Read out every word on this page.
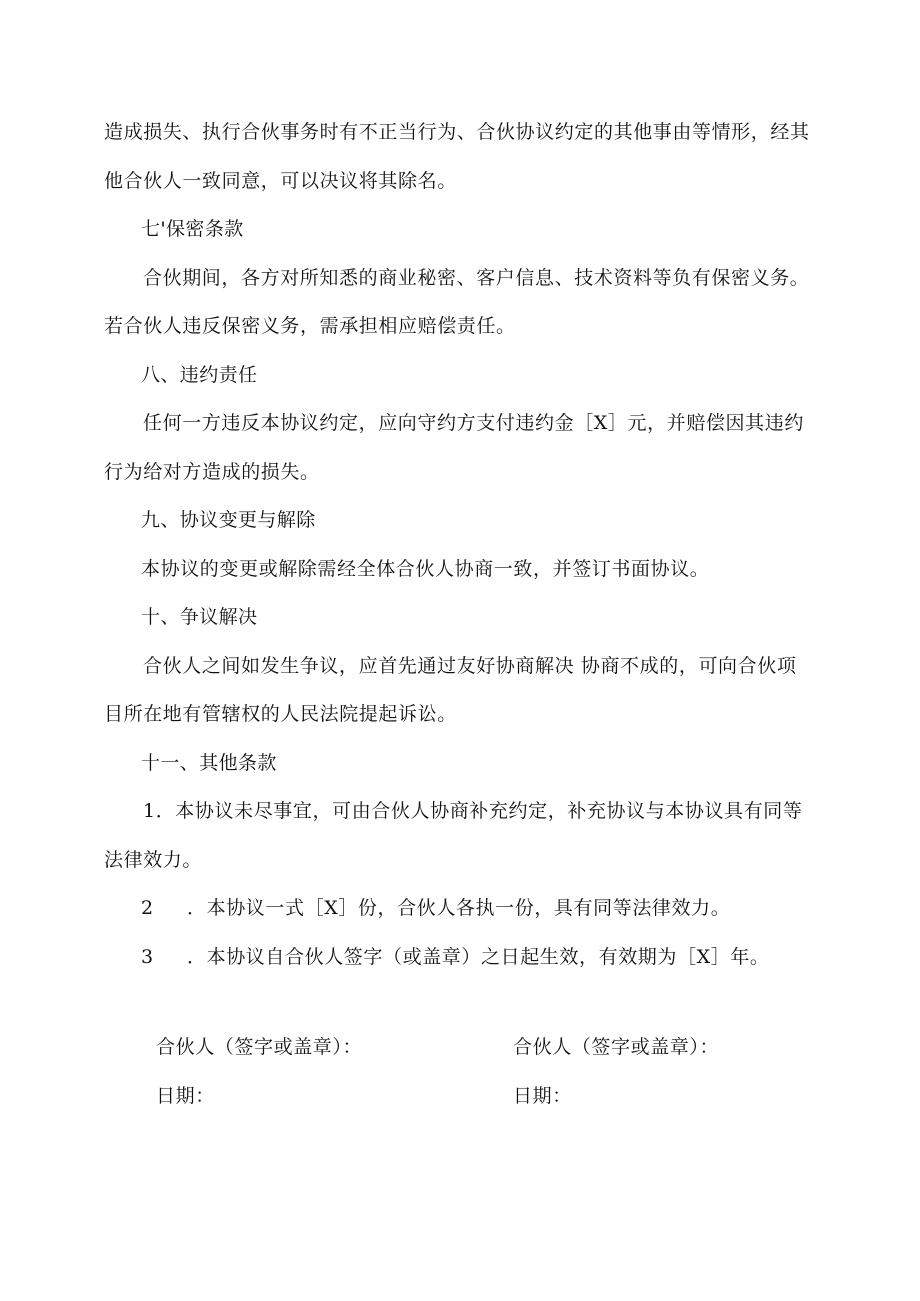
造成损失、执行合伙事务时有不正当行为、合伙协议约定的其他事由等情形，经其
他合伙人一致同意，可以决议将其除名。
七'保密条款
合伙期间，各方对所知悉的商业秘密、客户信息、技术资料等负有保密义务。
若合伙人违反保密义务，需承担相应赔偿责任。
八、违约责任
任何一方违反本协议约定，应向守约方支付违约金［X］元，并赔偿因其违约
行为给对方造成的损失。
九、协议变更与解除
本协议的变更或解除需经全体合伙人协商一致，并签订书面协议。
十、争议解决
合伙人之间如发生争议，应首先通过友好协商解决 协商不成的，可向合伙项
目所在地有管辖权的人民法院提起诉讼。
十一、其他条款
1．本协议未尽事宜，可由合伙人协商补充约定，补充协议与本协议具有同等
法律效力。
2 ．本协议一式［X］份，合伙人各执一份，具有同等法律效力。
3 ．本协议自合伙人签字（或盖章）之日起生效，有效期为［X］年。
合伙人（签字或盖章）：	合伙人（签字或盖章）：
日期：	日期：
